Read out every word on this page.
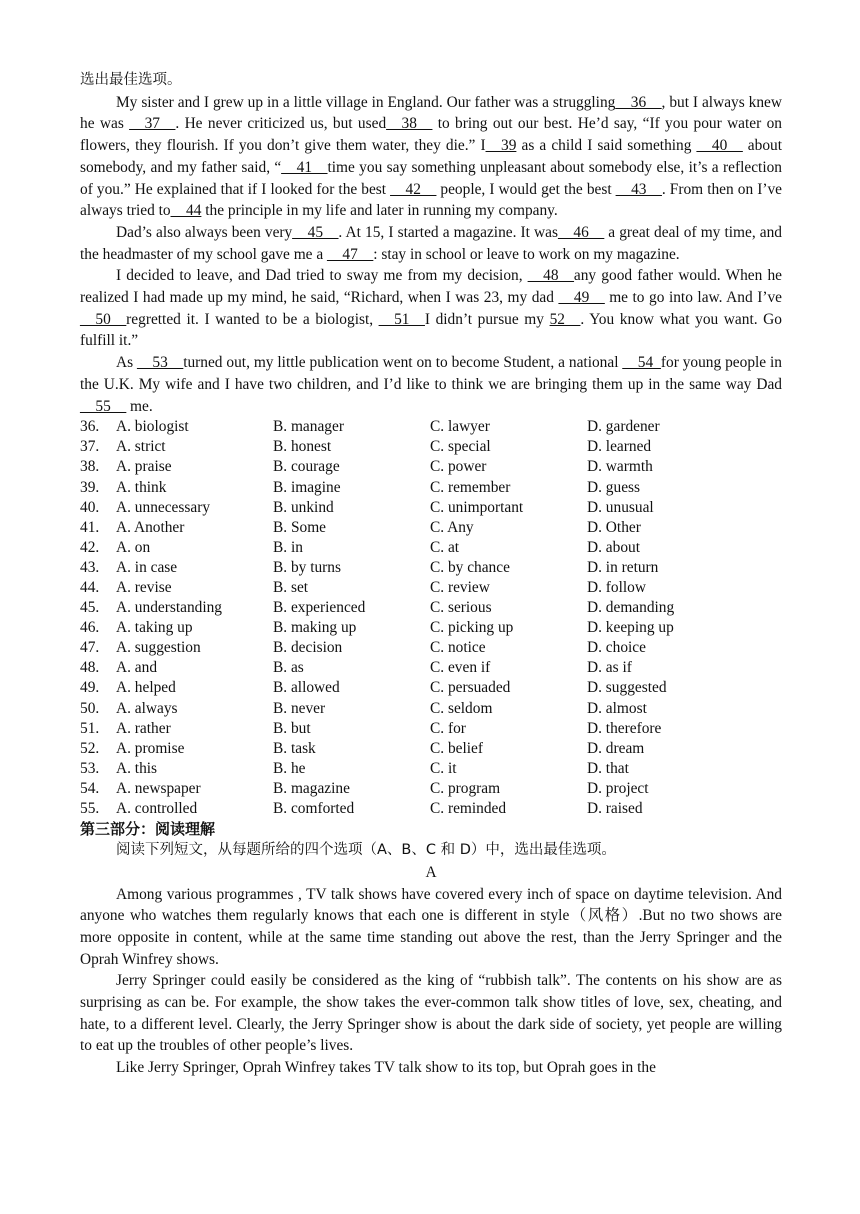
选出最佳选项。

My sister and I grew up in a little village in England. Our father was a struggling__36__, but I always knew he was __37__. He never criticized us, but used__38__ to bring out our best. He’d say, “If you pour water on flowers, they flourish. If you don’t give them water, they die.” I__39 as a child I said something __40__ about somebody, and my father said, “__41__time you say something unpleasant about somebody else, it’s a reflection of you.” He explained that if I looked for the best __42__ people, I would get the best __43__. From then on I’ve always tried to__44 the principle in my life and later in running my company.

Dad’s also always been very__45__. At 15, I started a magazine. It was__46__ a great deal of my time, and the headmaster of my school gave me a __47__: stay in school or leave to work on my magazine.

I decided to leave, and Dad tried to sway me from my decision, __48__any good father would. When he realized I had made up my mind, he said, “Richard, when I was 23, my dad __49__ me to go into law. And I’ve __50__regretted it. I wanted to be a biologist, __51__I didn’t pursue my 52__. You know what you want. Go fulfill it.”

As __53__turned out, my little publication went on to become Student, a national __54_for young people in the U.K. My wife and I have two children, and I’d like to think we are bringing them up in the same way Dad __55__ me.

36.	A. biologist	B. manager	C. lawyer	D. gardener
37.	A. strict	B. honest	C. special	D. learned
38.	A. praise	B. courage	C. power	D. warmth
39.	A. think	B. imagine	C. remember	D. guess
40.	A. unnecessary	B. unkind	C. unimportant	D. unusual
41.	A. Another	B. Some	C. Any	D. Other
42.	A. on	B. in	C. at	D. about
43.	A. in case	B. by turns	C. by chance	D. in return
44.	A. revise	B. set	C. review	D. follow
45.	A. understanding	B. experienced	C. serious	D. demanding
46.	A. taking up	B. making up	C. picking up	D. keeping up
47.	A. suggestion	B. decision	C. notice	D. choice
48.	A. and	B. as	C. even if	D. as if
49.	A. helped	B. allowed	C. persuaded	D. suggested
50.	A. always	B. never	C. seldom	D. almost
51.	A. rather	B. but	C. for	D. therefore
52.	A. promise	B. task	C. belief	D. dream
53.	A. this	B. he	C. it	D. that
54.	A. newspaper	B. magazine	C. program	D. project
55.	A. controlled	B. comforted	C. reminded	D. raised

第三部分：阅读理解

阅读下列短文，从每题所给的四个选项（A、B、C 和 D）中，选出最佳选项。

A

Among various programmes , TV talk shows have covered every inch of space on daytime television. And anyone who watches them regularly knows that each one is different in style（风格）.But no two shows are more opposite in content, while at the same time standing out above the rest, than the Jerry Springer and the Oprah Winfrey shows.

Jerry Springer could easily be considered as the king of “rubbish talk”. The contents on his show are as surprising as can be. For example, the show takes the ever-common talk show titles of love, sex, cheating, and hate, to a different level. Clearly, the Jerry Springer show is about the dark side of society, yet people are willing to eat up the troubles of other people’s lives.

Like Jerry Springer, Oprah Winfrey takes TV talk show to its top, but Oprah goes in the
